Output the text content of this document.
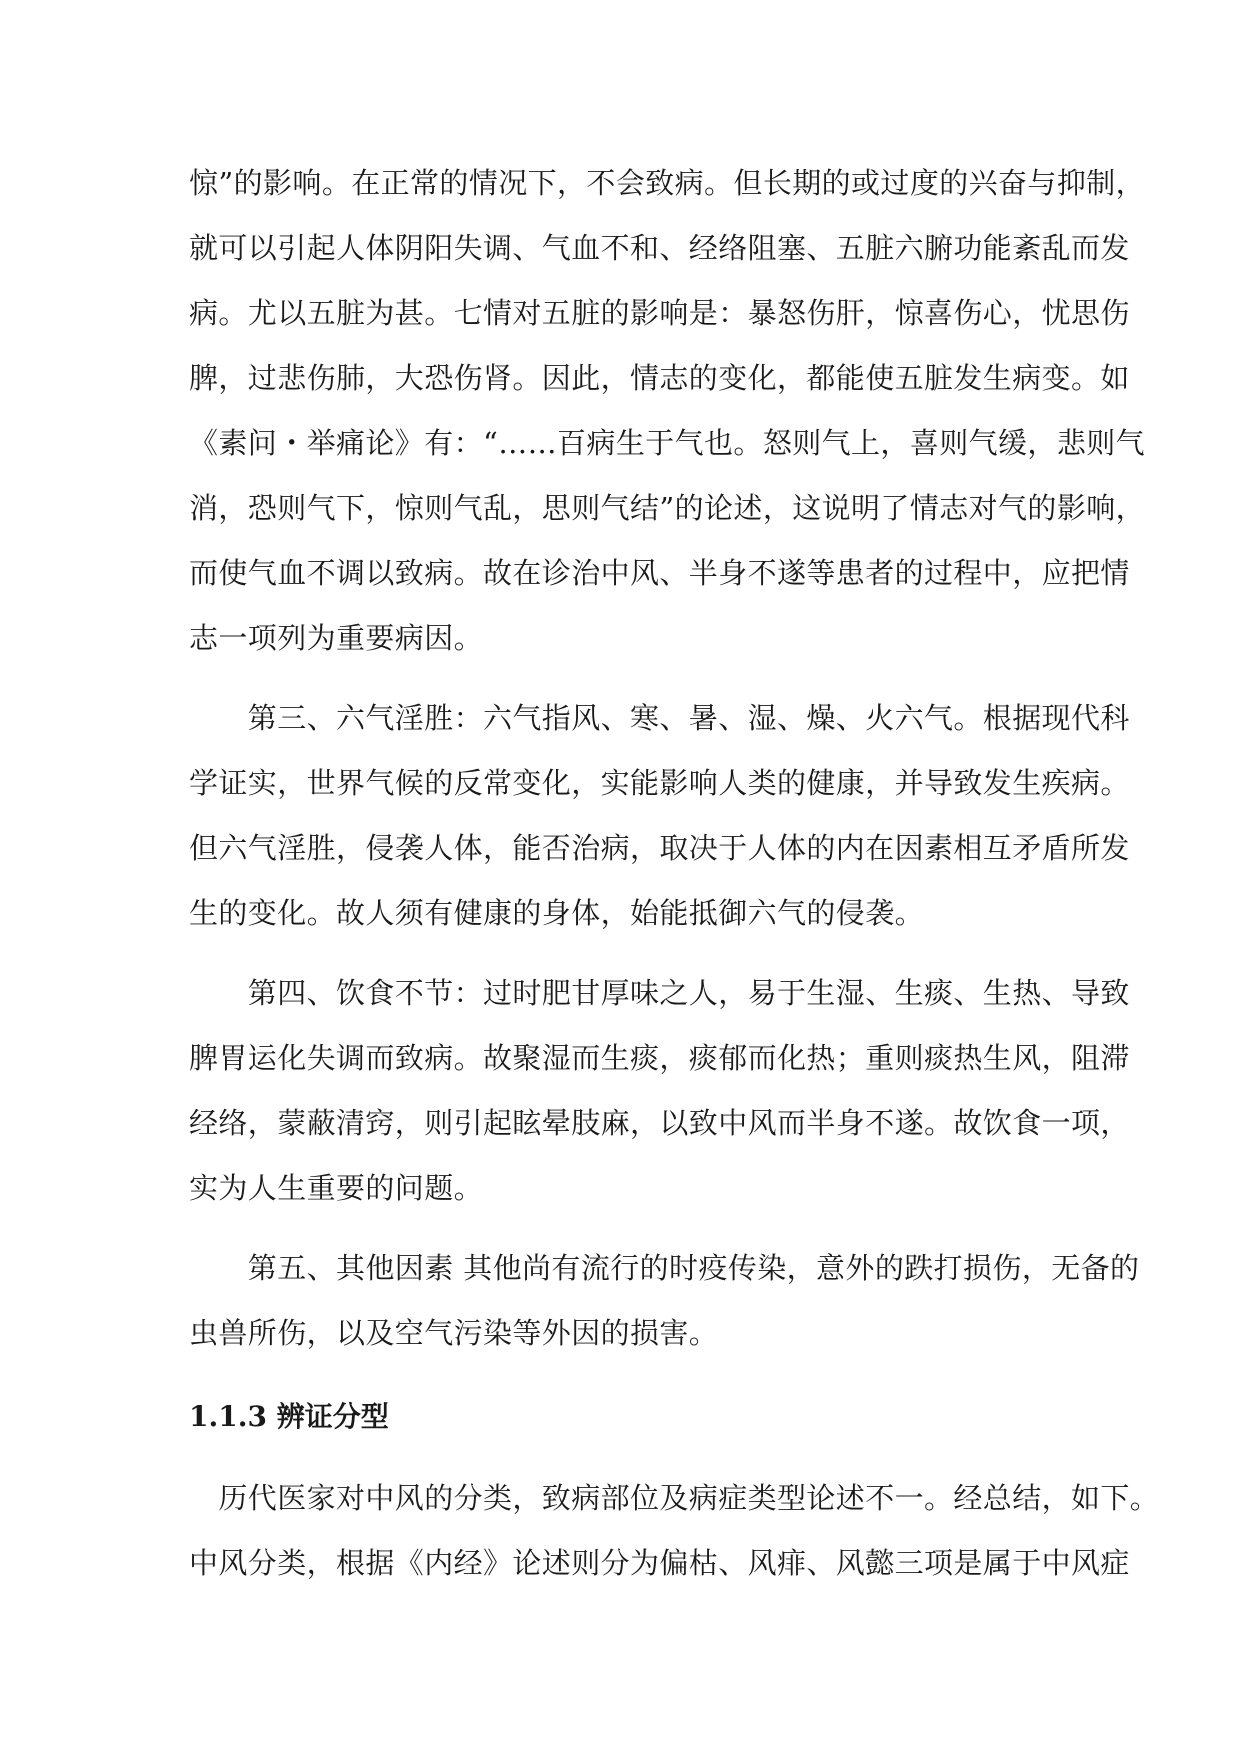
惊”的影响。在正常的情况下，不会致病。但长期的或过度的兴奋与抑制，
就可以引起人体阴阳失调、气血不和、经络阻塞、五脏六腑功能紊乱而发
病。尤以五脏为甚。七情对五脏的影响是：暴怒伤肝，惊喜伤心，忧思伤
脾，过悲伤肺，大恐伤肾。因此，情志的变化，都能使五脏发生病变。如
《素问・举痛论》有：“……百病生于气也。怒则气上，喜则气缓，悲则气
消，恐则气下，惊则气乱，思则气结”的论述，这说明了情志对气的影响，
而使气血不调以致病。故在诊治中风、半身不遂等患者的过程中，应把情
志一项列为重要病因。
　　第三、六气淫胜：六气指风、寒、暑、湿、燥、火六气。根据现代科
学证实，世界气候的反常变化，实能影响人类的健康，并导致发生疾病。
但六气淫胜，侵袭人体，能否治病，取决于人体的内在因素相互矛盾所发
生的变化。故人须有健康的身体，始能抵御六气的侵袭。
　　第四、饮食不节：过时肥甘厚味之人，易于生湿、生痰、生热、导致
脾胃运化失调而致病。故聚湿而生痰，痰郁而化热；重则痰热生风，阻滞
经络，蒙蔽清窍，则引起眩晕肢麻，以致中风而半身不遂。故饮食一项，
实为人生重要的问题。
　　第五、其他因素 其他尚有流行的时疫传染，意外的跌打损伤，无备的
虫兽所伤，以及空气污染等外因的损害。
1.1.3 辨证分型
　历代医家对中风的分类，致病部位及病症类型论述不一。经总结，如下。
中风分类，根据《内经》论述则分为偏枯、风痱、风懿三项是属于中风症
